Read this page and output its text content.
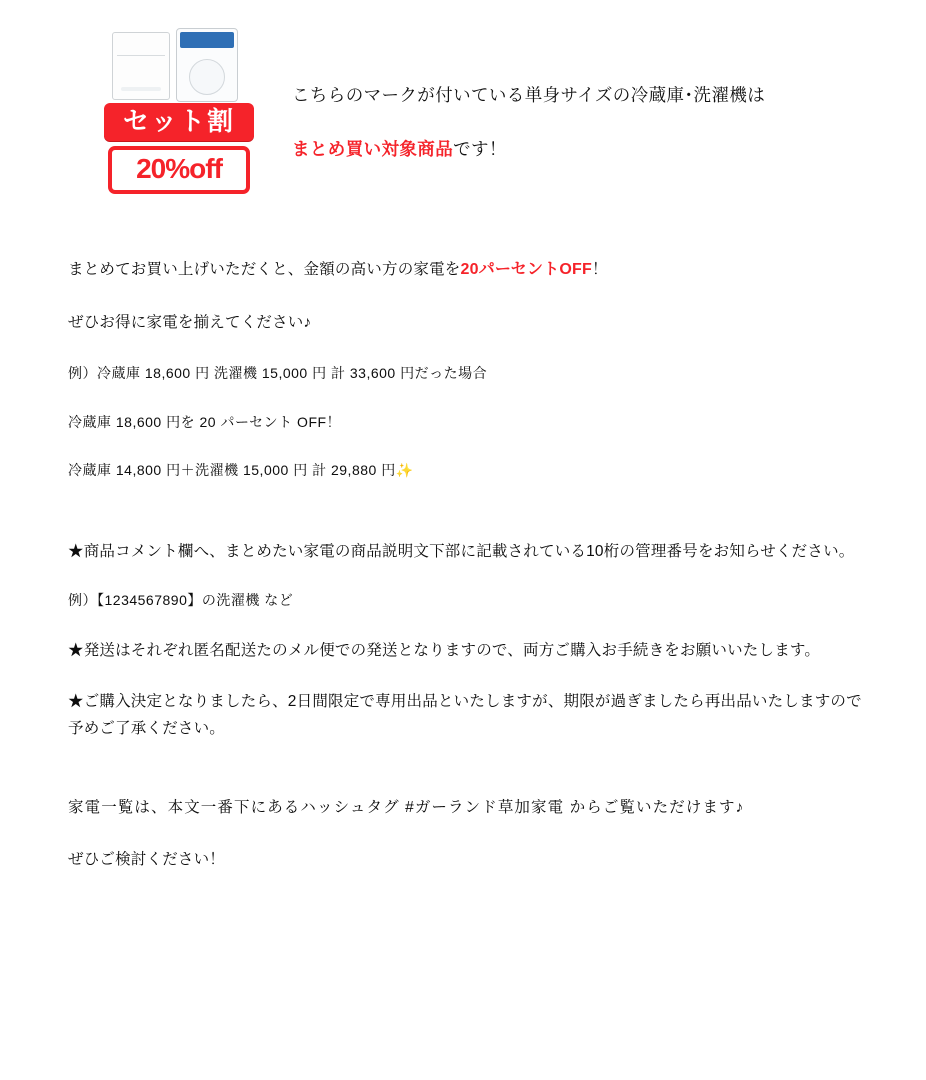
セット割
20%off
こちらのマークが付いている単身サイズの冷蔵庫･洗濯機は
まとめ買い対象商品です！

まとめてお買い上げいただくと、金額の高い方の家電を20パーセントOFF！

ぜひお得に家電を揃えてください♪

例）冷蔵庫 18,600 円 洗濯機 15,000 円 計 33,600 円だった場合

冷蔵庫 18,600 円を 20 パーセント OFF！

冷蔵庫 14,800 円＋洗濯機 15,000 円 計 29,880 円✨

★商品コメント欄へ、まとめたい家電の商品説明文下部に記載されている10桁の管理番号をお知らせください。

例）【1234567890】の洗濯機 など

★発送はそれぞれ匿名配送たのメル便での発送となりますので、両方ご購入お手続きをお願いいたします。

★ご購入決定となりましたら、2日間限定で専用出品といたしますが、期限が過ぎましたら再出品いたしますので予めご了承ください。

家電一覧は、本文一番下にあるハッシュタグ #ガーランド草加家電 からご覧いただけます♪

ぜひご検討ください！
